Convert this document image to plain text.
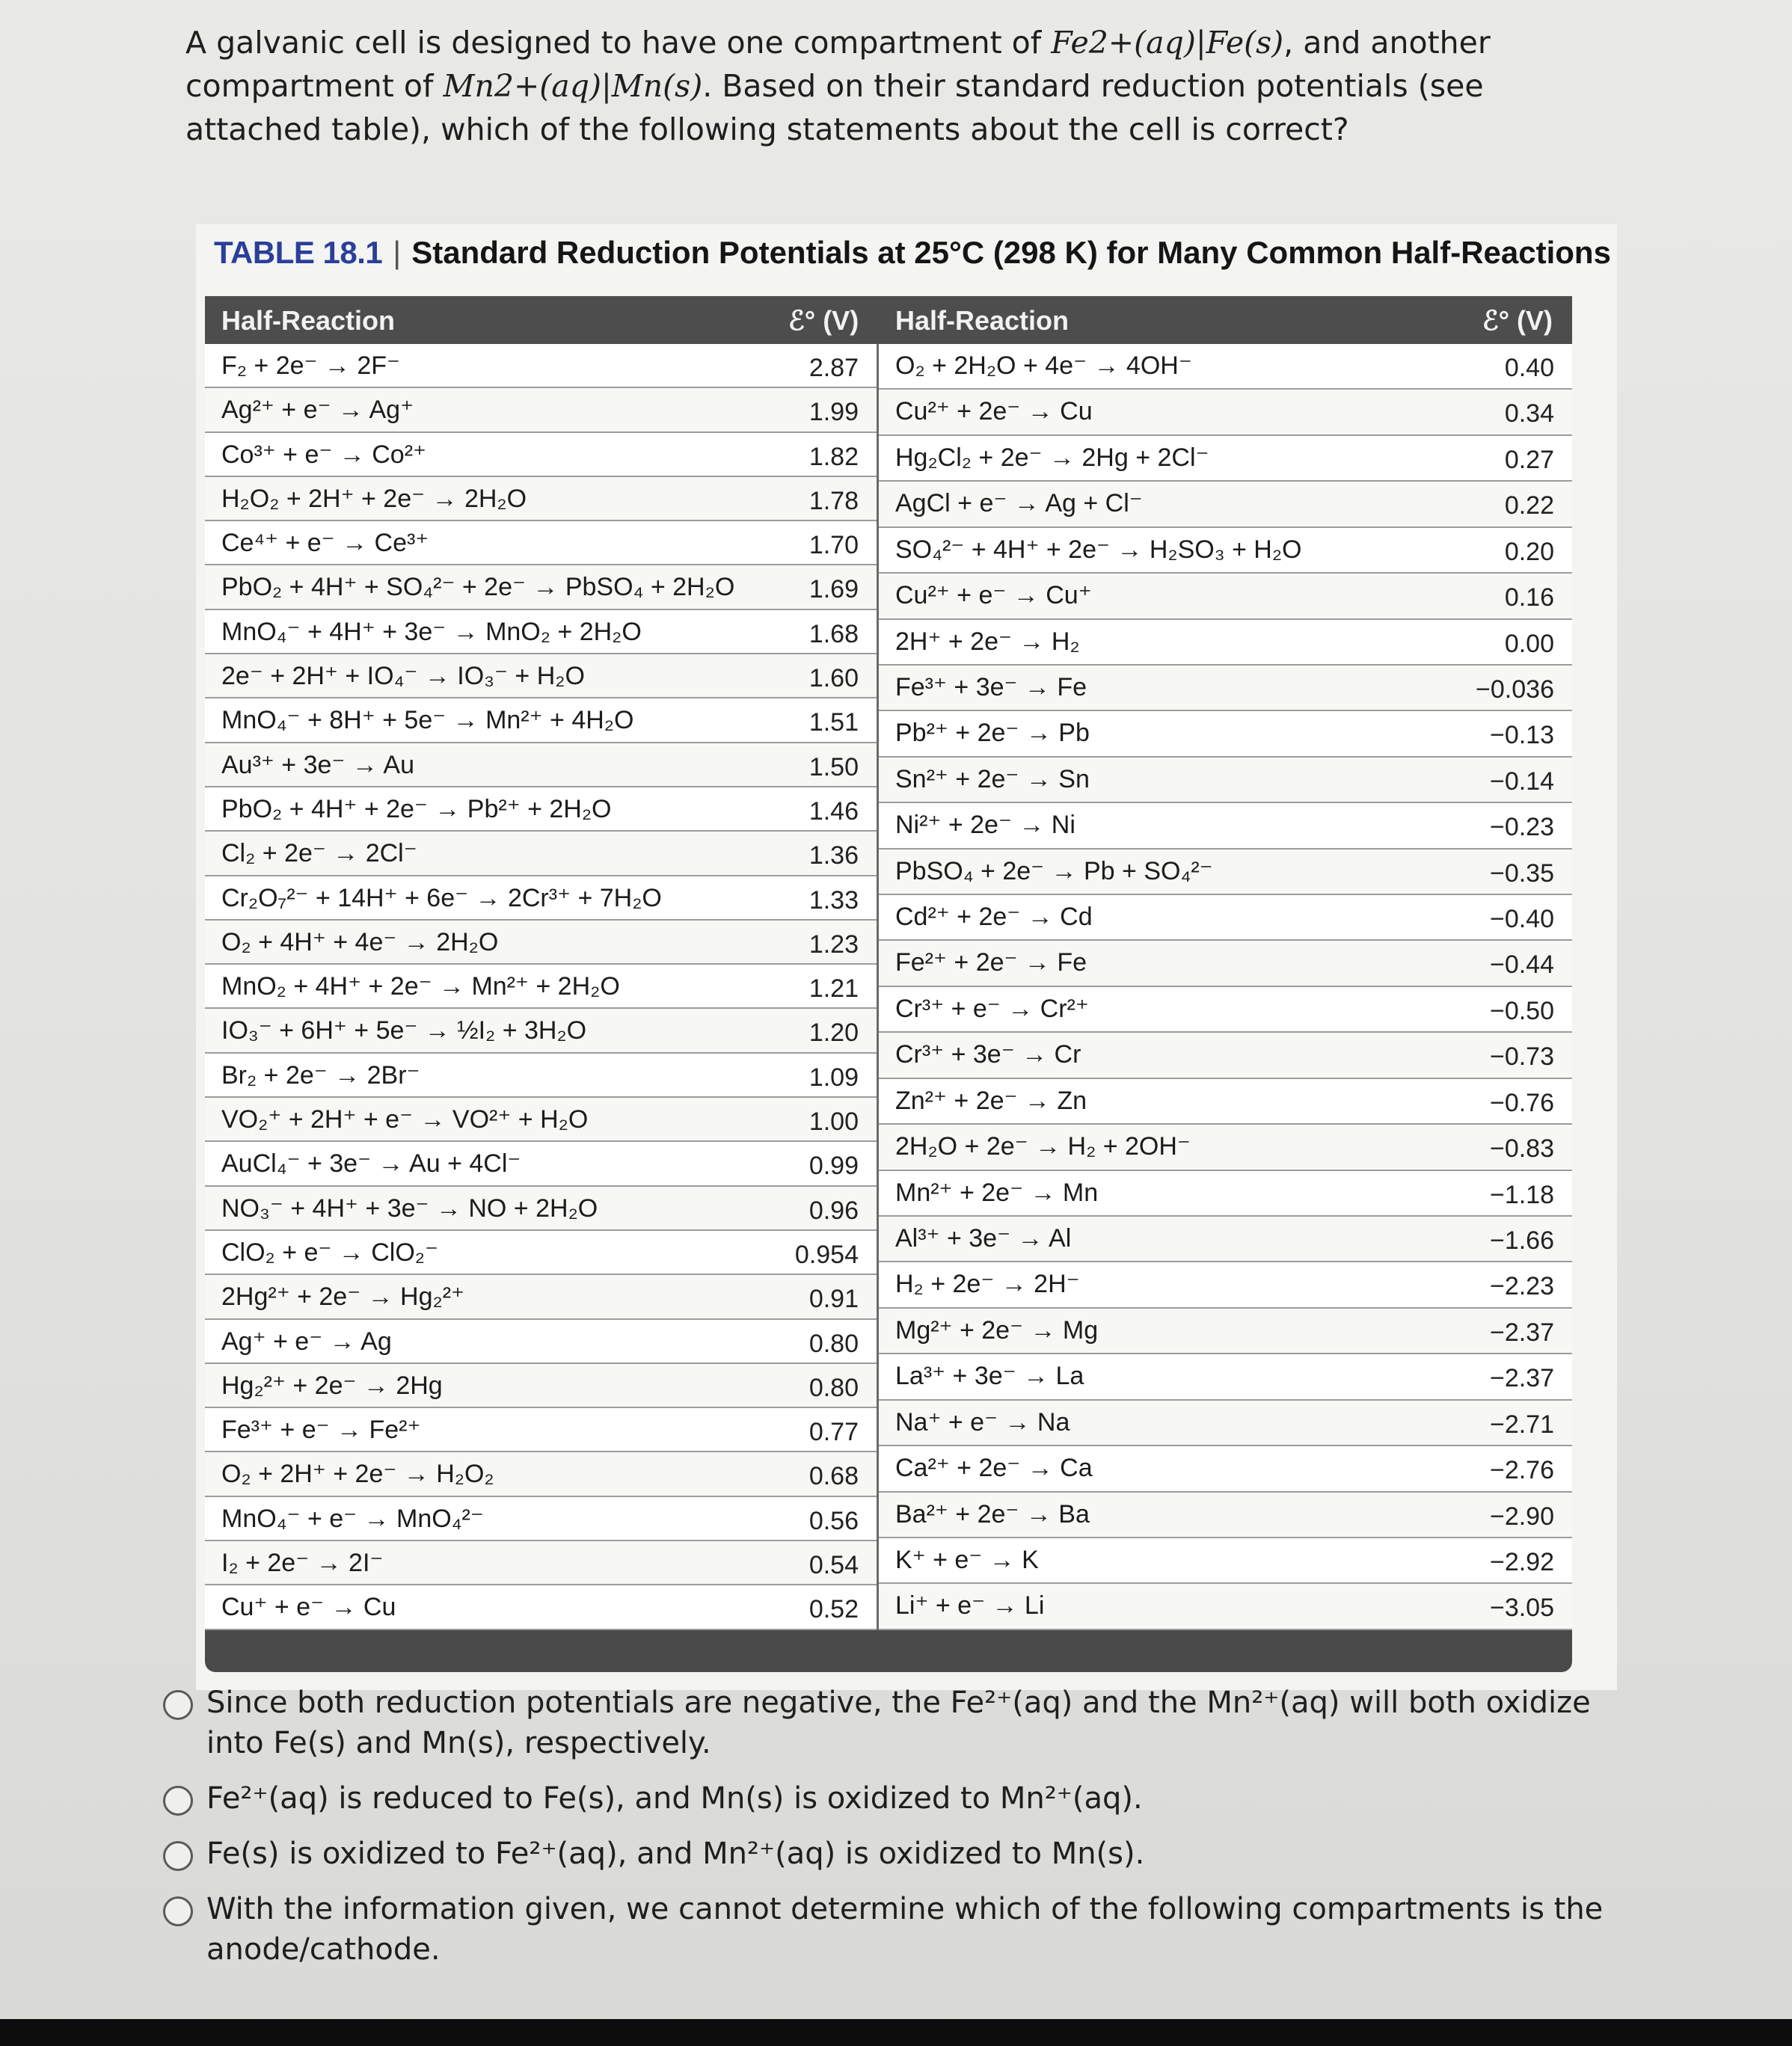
A galvanic cell is designed to have one compartment of Fe2+(aq)|Fe(s), and another compartment of Mn2+(aq)|Mn(s). Based on their standard reduction potentials (see attached table), which of the following statements about the cell is correct?
TABLE 18.1 | Standard Reduction Potentials at 25°C (298 K) for Many Common Half-Reactions
Half-Reaction	ℰ° (V) Half-Reaction	ℰ° (V)
F₂ + 2e⁻ → 2F⁻	2.87
Ag²⁺ + e⁻ → Ag⁺	1.99
Co³⁺ + e⁻ → Co²⁺	1.82
H₂O₂ + 2H⁺ + 2e⁻ → 2H₂O	1.78
Ce⁴⁺ + e⁻ → Ce³⁺	1.70
PbO₂ + 4H⁺ + SO₄²⁻ + 2e⁻ → PbSO₄ + 2H₂O	1.69
MnO₄⁻ + 4H⁺ + 3e⁻ → MnO₂ + 2H₂O	1.68
2e⁻ + 2H⁺ + IO₄⁻ → IO₃⁻ + H₂O	1.60
MnO₄⁻ + 8H⁺ + 5e⁻ → Mn²⁺ + 4H₂O	1.51
Au³⁺ + 3e⁻ → Au	1.50
PbO₂ + 4H⁺ + 2e⁻ → Pb²⁺ + 2H₂O	1.46
Cl₂ + 2e⁻ → 2Cl⁻	1.36
Cr₂O₇²⁻ + 14H⁺ + 6e⁻ → 2Cr³⁺ + 7H₂O	1.33
O₂ + 4H⁺ + 4e⁻ → 2H₂O	1.23
MnO₂ + 4H⁺ + 2e⁻ → Mn²⁺ + 2H₂O	1.21
IO₃⁻ + 6H⁺ + 5e⁻ → ½I₂ + 3H₂O	1.20
Br₂ + 2e⁻ → 2Br⁻	1.09
VO₂⁺ + 2H⁺ + e⁻ → VO²⁺ + H₂O	1.00
AuCl₄⁻ + 3e⁻ → Au + 4Cl⁻	0.99
NO₃⁻ + 4H⁺ + 3e⁻ → NO + 2H₂O	0.96
ClO₂ + e⁻ → ClO₂⁻	0.954
2Hg²⁺ + 2e⁻ → Hg₂²⁺	0.91
Ag⁺ + e⁻ → Ag	0.80
Hg₂²⁺ + 2e⁻ → 2Hg	0.80
Fe³⁺ + e⁻ → Fe²⁺	0.77
O₂ + 2H⁺ + 2e⁻ → H₂O₂	0.68
MnO₄⁻ + e⁻ → MnO₄²⁻	0.56
I₂ + 2e⁻ → 2I⁻	0.54
Cu⁺ + e⁻ → Cu	0.52
O₂ + 2H₂O + 4e⁻ → 4OH⁻	0.40
Cu²⁺ + 2e⁻ → Cu	0.34
Hg₂Cl₂ + 2e⁻ → 2Hg + 2Cl⁻	0.27
AgCl + e⁻ → Ag + Cl⁻	0.22
SO₄²⁻ + 4H⁺ + 2e⁻ → H₂SO₃ + H₂O	0.20
Cu²⁺ + e⁻ → Cu⁺	0.16
2H⁺ + 2e⁻ → H₂	0.00
Fe³⁺ + 3e⁻ → Fe	−0.036
Pb²⁺ + 2e⁻ → Pb	−0.13
Sn²⁺ + 2e⁻ → Sn	−0.14
Ni²⁺ + 2e⁻ → Ni	−0.23
PbSO₄ + 2e⁻ → Pb + SO₄²⁻	−0.35
Cd²⁺ + 2e⁻ → Cd	−0.40
Fe²⁺ + 2e⁻ → Fe	−0.44
Cr³⁺ + e⁻ → Cr²⁺	−0.50
Cr³⁺ + 3e⁻ → Cr	−0.73
Zn²⁺ + 2e⁻ → Zn	−0.76
2H₂O + 2e⁻ → H₂ + 2OH⁻	−0.83
Mn²⁺ + 2e⁻ → Mn	−1.18
Al³⁺ + 3e⁻ → Al	−1.66
H₂ + 2e⁻ → 2H⁻	−2.23
Mg²⁺ + 2e⁻ → Mg	−2.37
La³⁺ + 3e⁻ → La	−2.37
Na⁺ + e⁻ → Na	−2.71
Ca²⁺ + 2e⁻ → Ca	−2.76
Ba²⁺ + 2e⁻ → Ba	−2.90
K⁺ + e⁻ → K	−2.92
Li⁺ + e⁻ → Li	−3.05
Since both reduction potentials are negative, the Fe²⁺(aq) and the Mn²⁺(aq) will both oxidize into Fe(s) and Mn(s), respectively.
Fe²⁺(aq) is reduced to Fe(s), and Mn(s) is oxidized to Mn²⁺(aq).
Fe(s) is oxidized to Fe²⁺(aq), and Mn²⁺(aq) is oxidized to Mn(s).
With the information given, we cannot determine which of the following compartments is the anode/cathode.
